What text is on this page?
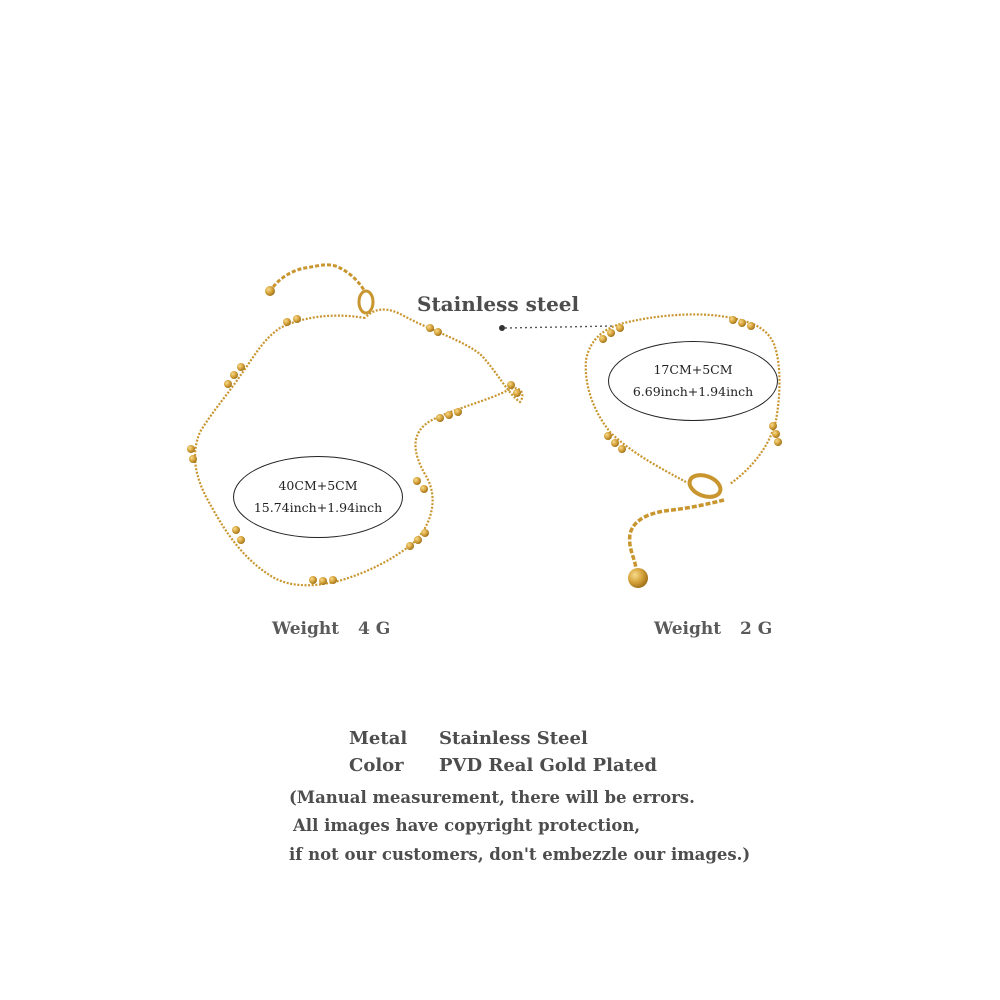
Stainless steel
40CM+5CM
15.74inch+1.94inch
17CM+5CM
6.69inch+1.94inch
Weight 4 G	Weight 2 G
Metal Stainless Steel
Color PVD Real Gold Plated
(Manual measurement, there will be errors.
All images have copyright protection,
if not our customers, don't embezzle our images.)
